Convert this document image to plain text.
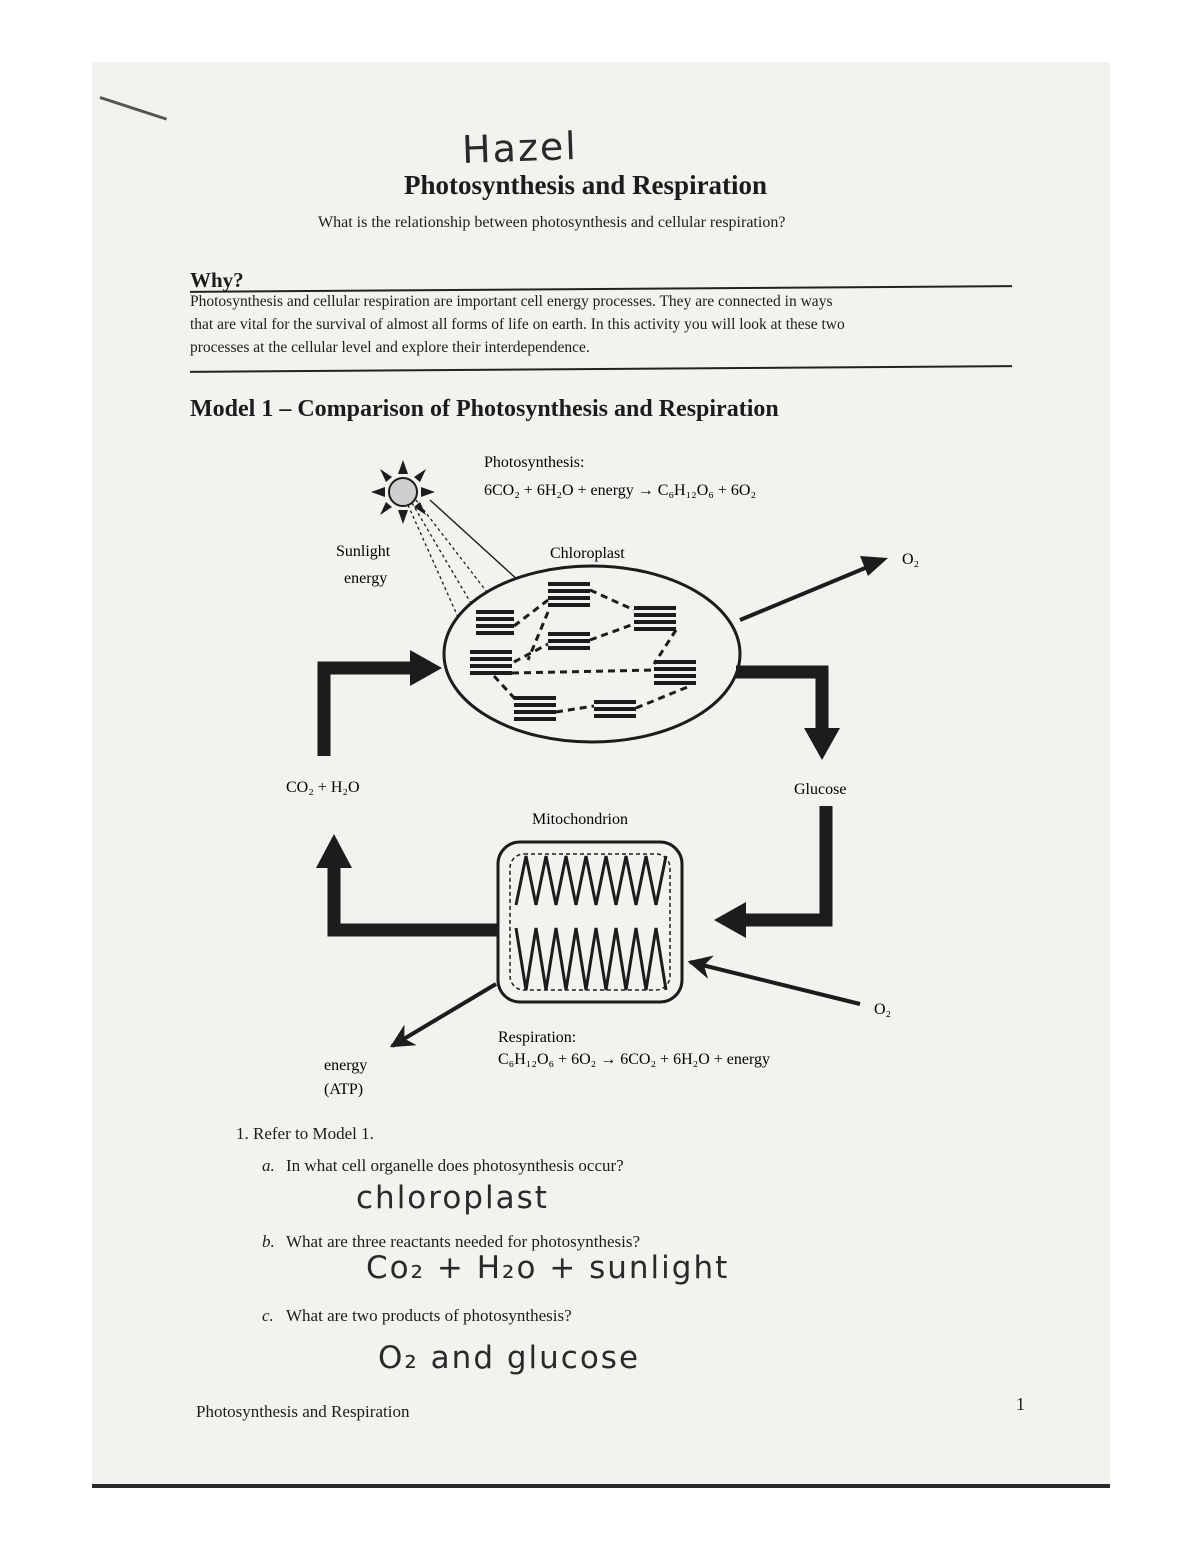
Hazel
Photosynthesis and Respiration
What is the relationship between photosynthesis and cellular respiration?
Why?
Photosynthesis and cellular respiration are important cell energy processes. They are connected in ways
that are vital for the survival of almost all forms of life on earth. In this activity you will look at these two
processes at the cellular level and explore their interdependence.
Model 1 – Comparison of Photosynthesis and Respiration
Photosynthesis:
6CO₂ + 6H₂O + energy → C₆H₁₂O₆ + 6O₂
Sunlight
energy
Chloroplast	O₂
CO₂ + H₂O	Glucose
Mitochondrion
O₂
Respiration:
C₆H₁₂O₆ + 6O₂ → 6CO₂ + 6H₂O + energy
energy
(ATP)
1. Refer to Model 1.
a. In what cell organelle does photosynthesis occur?
chloroplast
b. What are three reactants needed for photosynthesis?
Co₂ + H₂o + sunlight
c. What are two products of photosynthesis?
O₂ and glucose
Photosynthesis and Respiration	1
